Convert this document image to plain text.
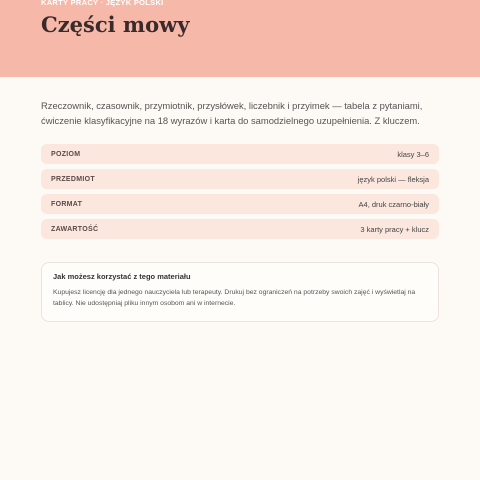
KARTY PRACY · JĘZYK POLSKI
Części mowy

Rzeczownik, czasownik, przymiotnik, przysłówek, liczebnik i przyimek — tabela z pytaniami, ćwiczenie klasyfikacyjne na 18 wyrazów i karta do samodzielnego uzupełnienia. Z kluczem.

POZIOM	klasy 3–6
PRZEDMIOT	język polski — fleksja
FORMAT	A4, druk czarno-biały
ZAWARTOŚĆ	3 karty pracy + klucz
Jak możesz korzystać z tego materiału

Kupujesz licencję dla jednego nauczyciela lub terapeuty. Drukuj bez ograniczeń na potrzeby swoich zajęć i wyświetlaj na tablicy. Nie udostępniaj pliku innym osobom ani w internecie.
